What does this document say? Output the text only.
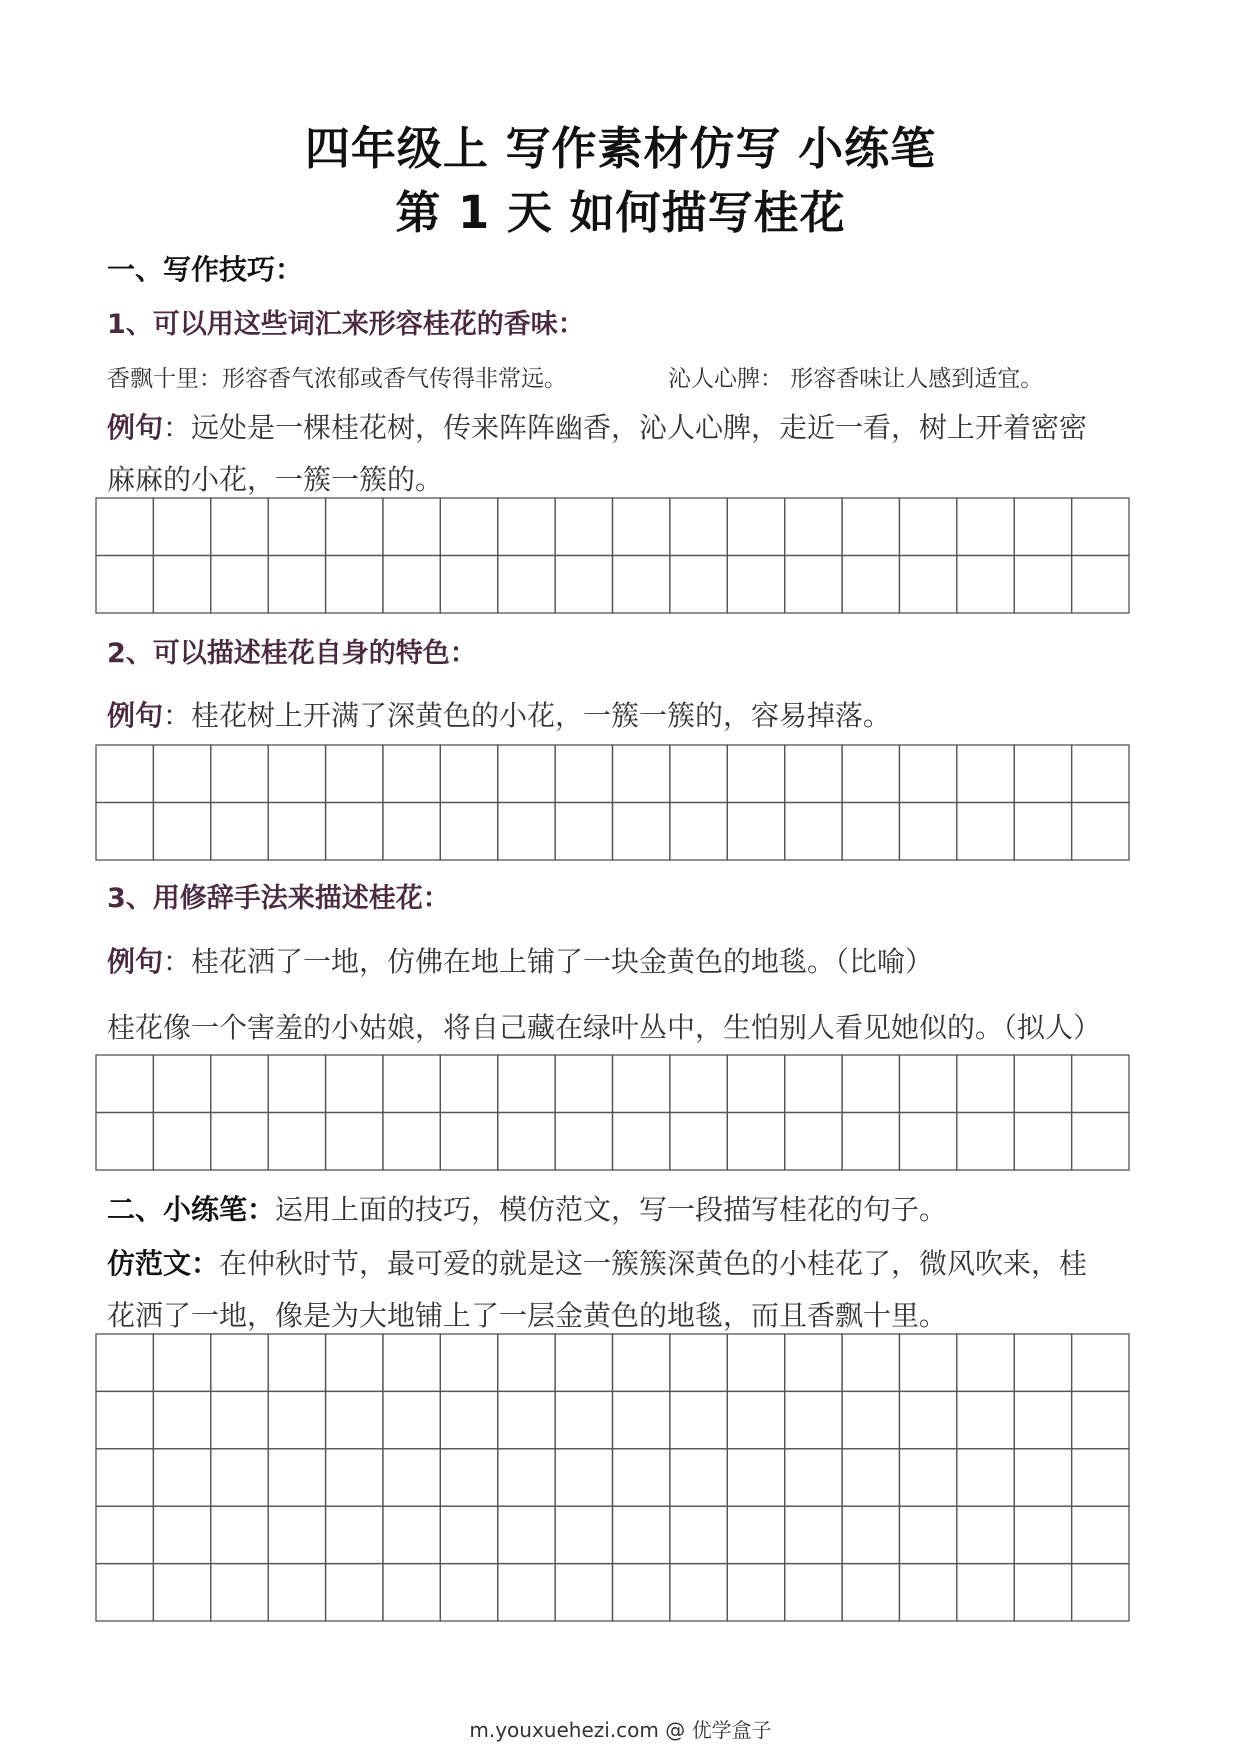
四年级上 写作素材仿写 小练笔
第 1 天 如何描写桂花
一、写作技巧：
1、可以用这些词汇来形容桂花的香味：
香飘十里：形容香气浓郁或香气传得非常远。	沁人心脾： 形容香味让人感到适宜。
例句：远处是一棵桂花树，传来阵阵幽香，沁人心脾，走近一看，树上开着密密
麻麻的小花，一簇一簇的。
2、可以描述桂花自身的特色：
例句：桂花树上开满了深黄色的小花，一簇一簇的，容易掉落。
3、用修辞手法来描述桂花：
例句：桂花洒了一地，仿佛在地上铺了一块金黄色的地毯。（比喻）
桂花像一个害羞的小姑娘，将自己藏在绿叶丛中，生怕别人看见她似的。（拟人）
二、小练笔：运用上面的技巧，模仿范文，写一段描写桂花的句子。
仿范文：在仲秋时节，最可爱的就是这一簇簇深黄色的小桂花了，微风吹来，桂
花洒了一地，像是为大地铺上了一层金黄色的地毯，而且香飘十里。
m.youxuehezi.com @ 优学盒子
